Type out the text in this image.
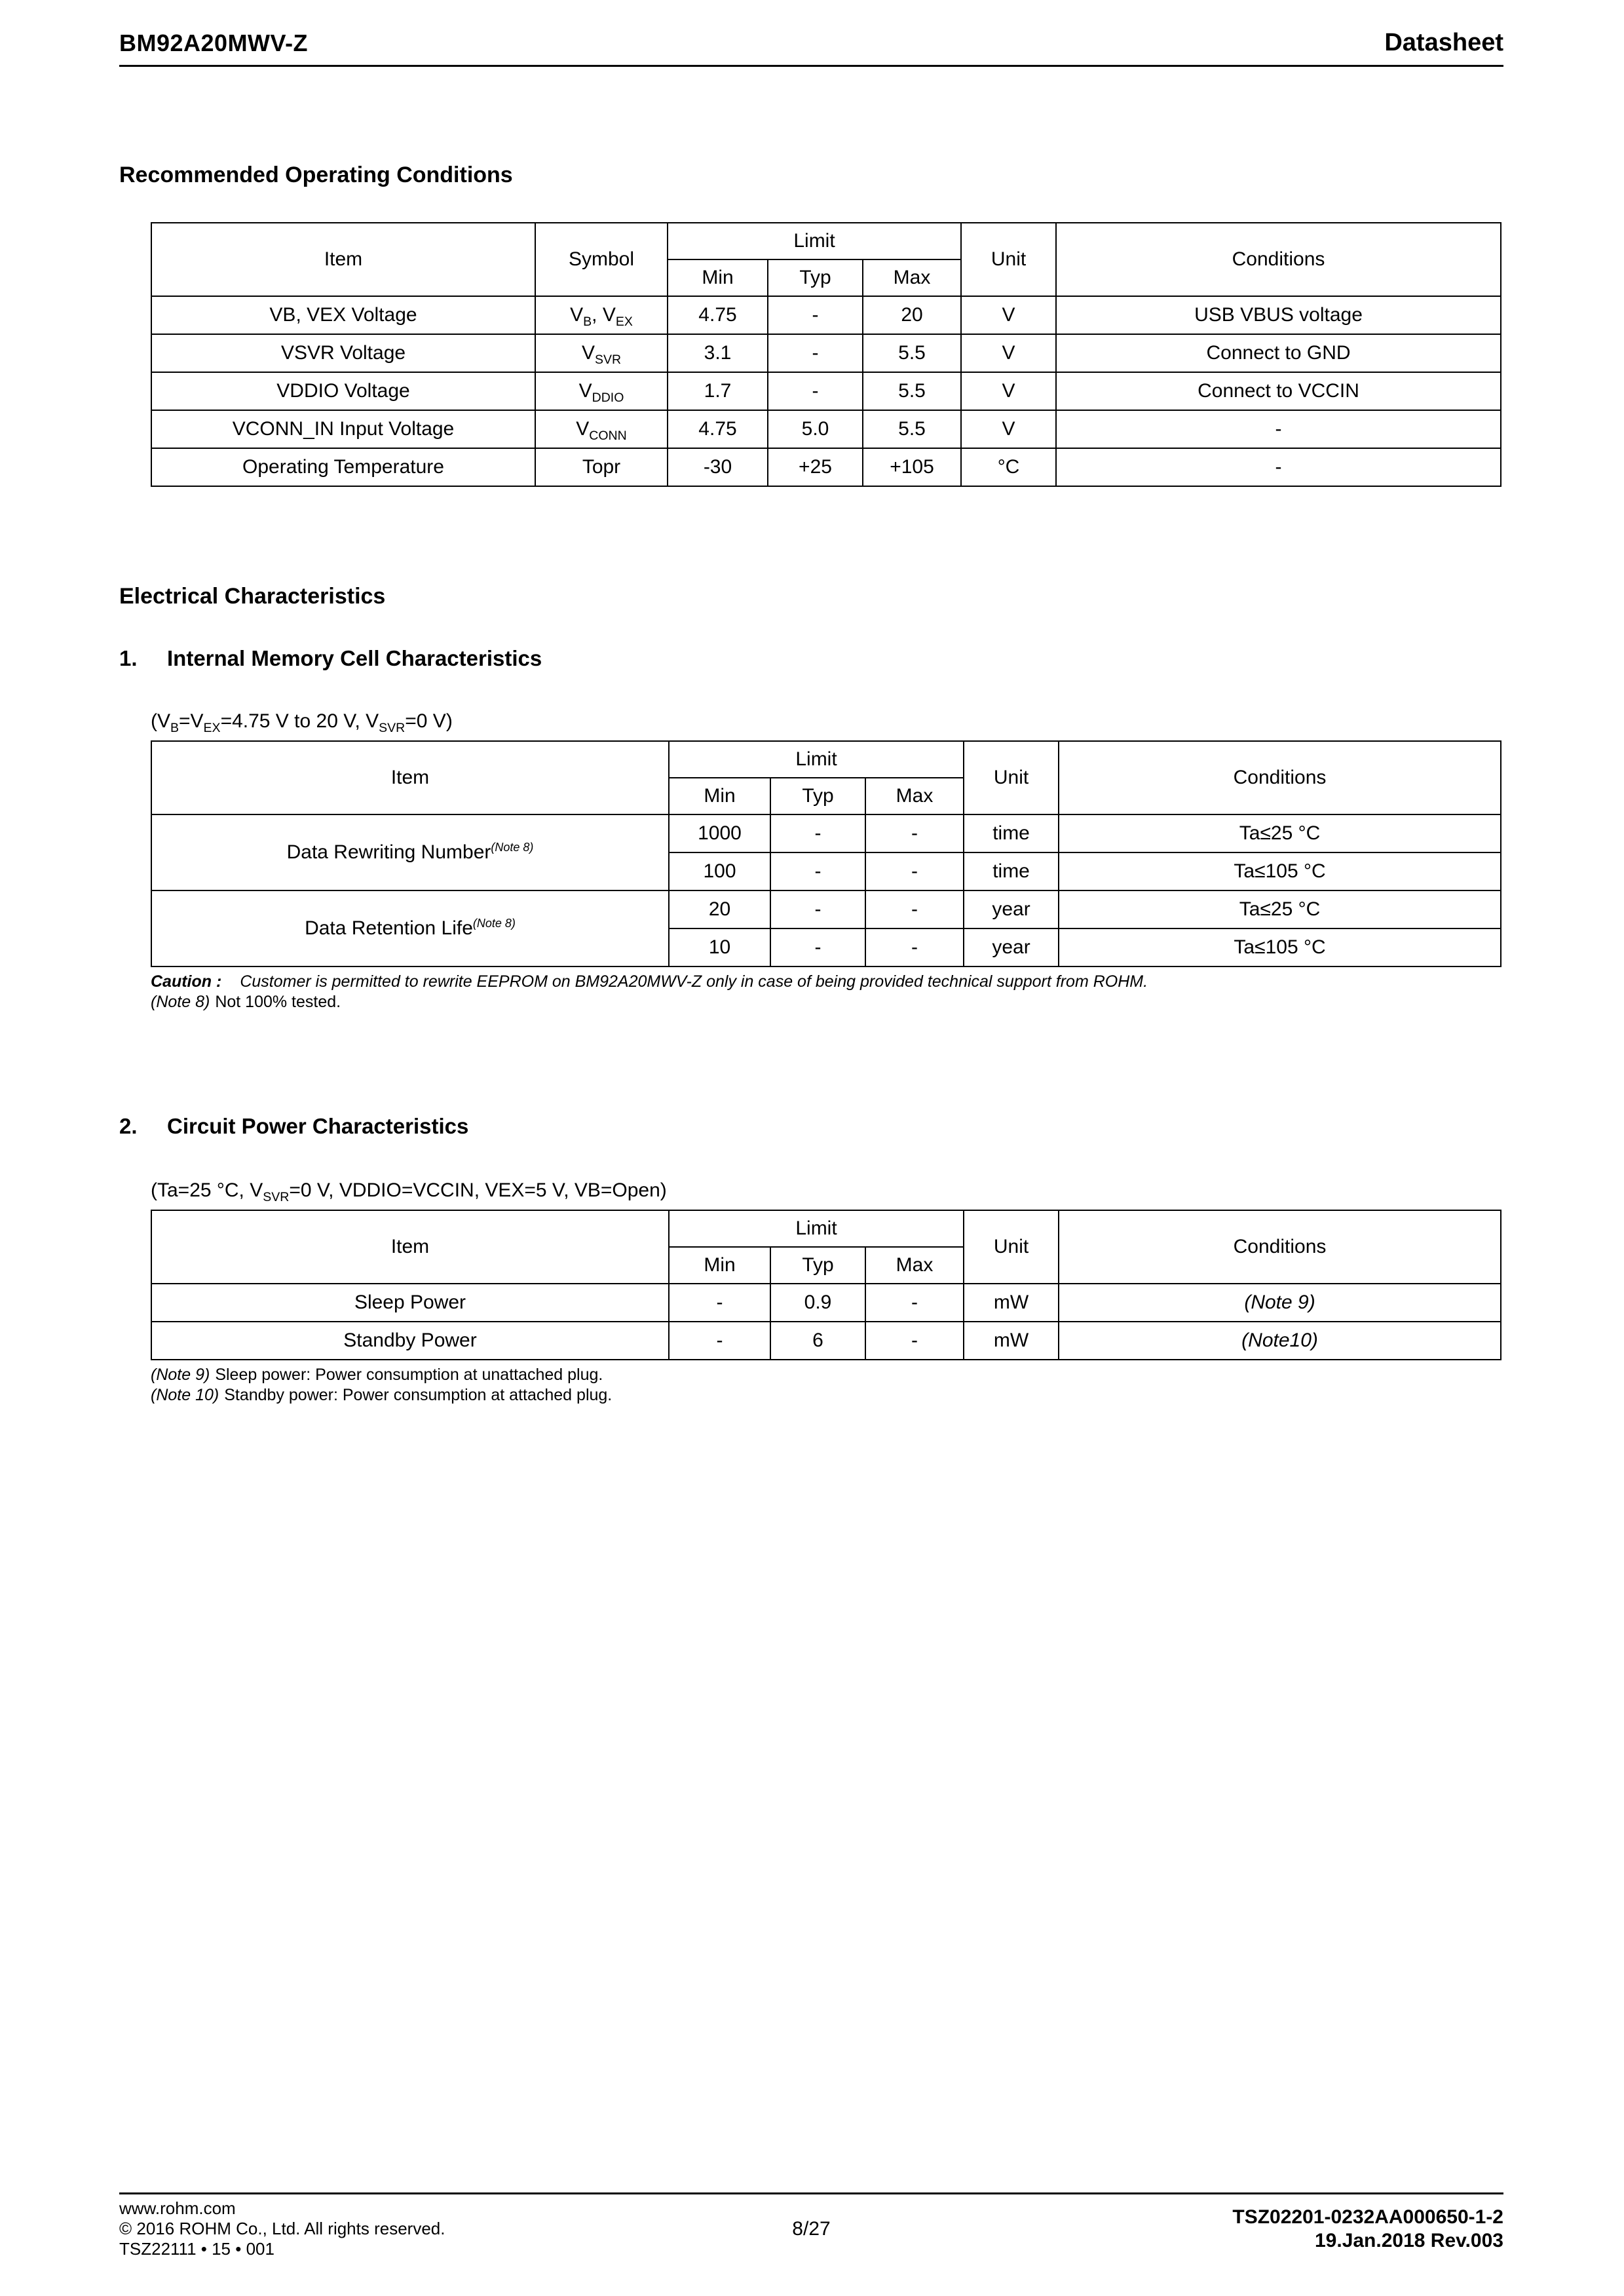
BM92A20MWV-Z	Datasheet
Recommended Operating Conditions
Item	Symbol	Limit			Unit	Conditions
		Min	Typ	Max		
VB, VEX Voltage	$V_B$, $V_{EX}$	4.75	-	20	V	USB VBUS voltage
VSVR Voltage	$V_{SVR}$	3.1	-	5.5	V	Connect to GND
VDDIO Voltage	$V_{DDIO}$	1.7	-	5.5	V	Connect to VCCIN
VCONN_IN Input Voltage	$V_{CONN}$	4.75	5.0	5.5	V	-
Operating Temperature	Topr	-30	+25	+105	°C	-
Electrical Characteristics
1.	Internal Memory Cell Characteristics
($V_B=V_{EX}=4.75$ V to 20 V, $V_{SVR}=0$ V)
Item	Limit			Unit	Conditions
	Min	Typ	Max		
Data Rewriting Number$^{(Note 8)}$	1000	-	-	time	Ta≤25 °C
	100	-	-	time	Ta≤105 °C
Data Retention Life$^{(Note 8)}$	20	-	-	year	Ta≤25 °C
	10	-	-	year	Ta≤105 °C
Caution : Customer is permitted to rewrite EEPROM on BM92A20MWV-Z only in case of being provided technical support from ROHM.
(Note 8) Not 100% tested.
2.	Circuit Power Characteristics
(Ta=25 °C, $V_{SVR}=0$ V, VDDIO=VCCIN, VEX=5 V, VB=Open)
Item	Limit			Unit	Conditions
	Min	Typ	Max		
Sleep Power	-	0.9	-	mW	(Note 9)
Standby Power	-	6	-	mW	(Note10)
(Note 9) Sleep power: Power consumption at unattached plug.
(Note 10) Standby power: Power consumption at attached plug.
www.rohm.com
© 2016 ROHM Co., Ltd. All rights reserved.
TSZ22111 • 15 • 001
8/27
TSZ02201-0232AA000650-1-2
19.Jan.2018 Rev.003
